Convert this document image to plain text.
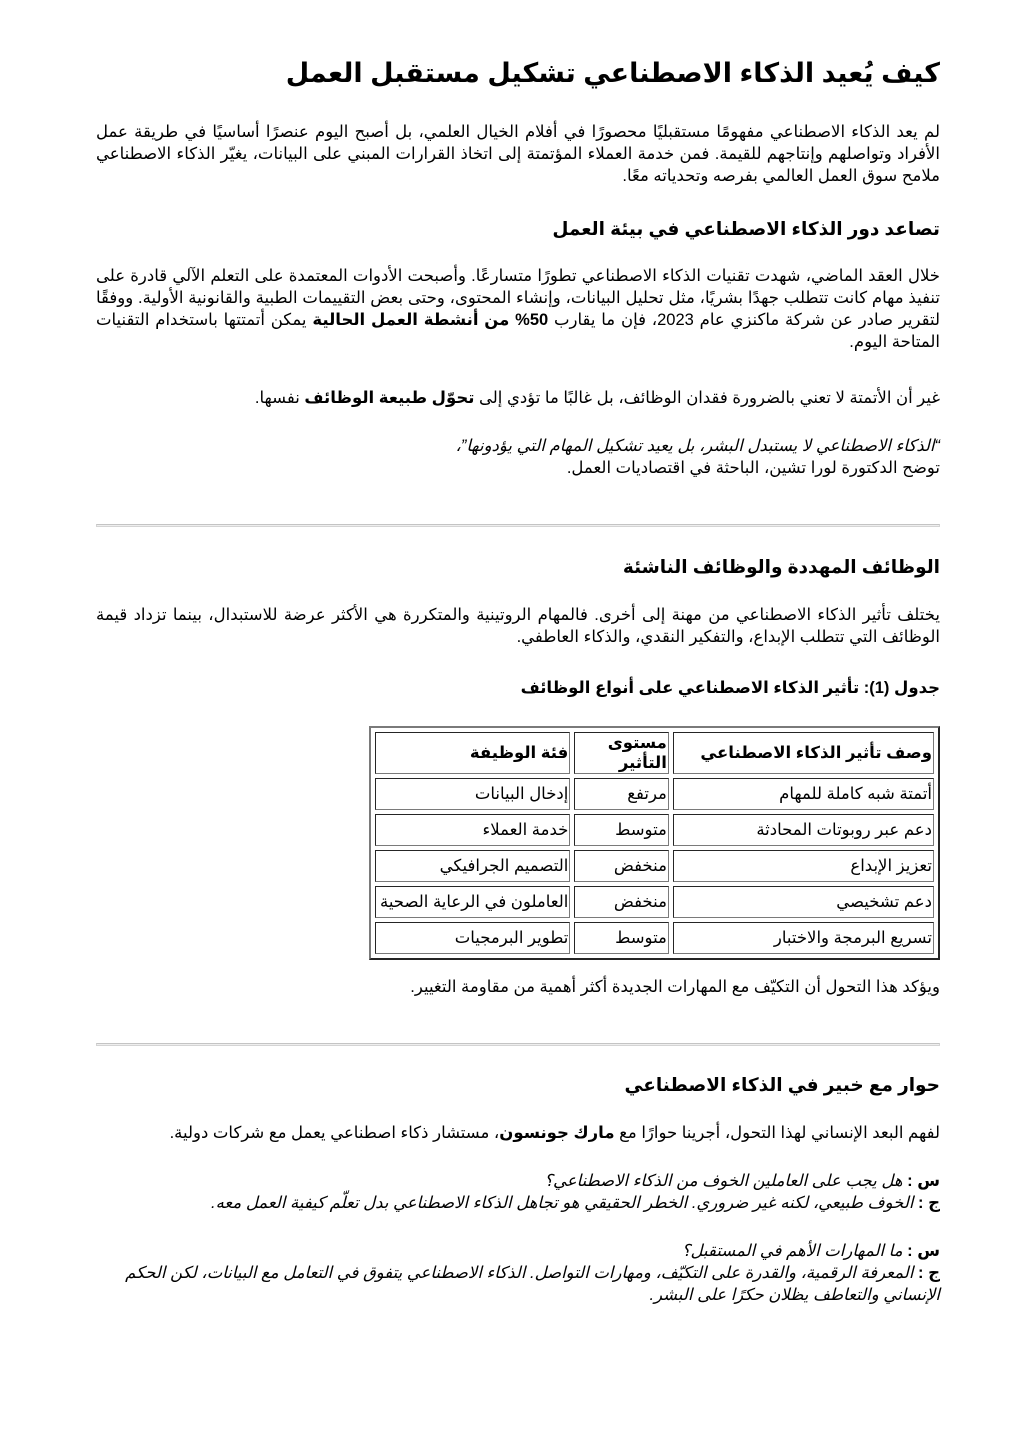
كيف يُعيد الذكاء الاصطناعي تشكيل مستقبل العمل

لم يعد الذكاء الاصطناعي مفهومًا مستقبليًا محصورًا في أفلام الخيال العلمي، بل أصبح اليوم عنصرًا أساسيًا في طريقة عمل الأفراد وتواصلهم وإنتاجهم للقيمة. فمن خدمة العملاء المؤتمتة إلى اتخاذ القرارات المبني على البيانات، يغيّر الذكاء الاصطناعي ملامح سوق العمل العالمي بفرصه وتحدياته معًا.

تصاعد دور الذكاء الاصطناعي في بيئة العمل

خلال العقد الماضي، شهدت تقنيات الذكاء الاصطناعي تطورًا متسارعًا. وأصبحت الأدوات المعتمدة على التعلم الآلي قادرة على تنفيذ مهام كانت تتطلب جهدًا بشريًا، مثل تحليل البيانات، وإنشاء المحتوى، وحتى بعض التقييمات الطبية والقانونية الأولية. ووفقًا لتقرير صادر عن شركة ماكنزي عام 2023، فإن ما يقارب 50% من أنشطة العمل الحالية يمكن أتمتتها باستخدام التقنيات المتاحة اليوم.

غير أن الأتمتة لا تعني بالضرورة فقدان الوظائف، بل غالبًا ما تؤدي إلى تحوّل طبيعة الوظائف نفسها.

“الذكاء الاصطناعي لا يستبدل البشر، بل يعيد تشكيل المهام التي يؤدونها”،

توضح الدكتورة لورا تشين، الباحثة في اقتصاديات العمل.

الوظائف المهددة والوظائف الناشئة

يختلف تأثير الذكاء الاصطناعي من مهنة إلى أخرى. فالمهام الروتينية والمتكررة هي الأكثر عرضة للاستبدال، بينما تزداد قيمة الوظائف التي تتطلب الإبداع، والتفكير النقدي، والذكاء العاطفي.

جدول (1): تأثير الذكاء الاصطناعي على أنواع الوظائف

وصف تأثير الذكاء الاصطناعي	مستوى التأثير	فئة الوظيفة
أتمتة شبه كاملة للمهام	مرتفع	إدخال البيانات
دعم عبر روبوتات المحادثة	متوسط	خدمة العملاء
تعزيز الإبداع	منخفض	التصميم الجرافيكي
دعم تشخيصي	منخفض	العاملون في الرعاية الصحية
تسريع البرمجة والاختبار	متوسط	تطوير البرمجيات

ويؤكد هذا التحول أن التكيّف مع المهارات الجديدة أكثر أهمية من مقاومة التغيير.

حوار مع خبير في الذكاء الاصطناعي

لفهم البعد الإنساني لهذا التحول، أجرينا حوارًا مع مارك جونسون، مستشار ذكاء اصطناعي يعمل مع شركات دولية.

س : هل يجب على العاملين الخوف من الذكاء الاصطناعي؟

ج : الخوف طبيعي، لكنه غير ضروري. الخطر الحقيقي هو تجاهل الذكاء الاصطناعي بدل تعلّم كيفية العمل معه.

س : ما المهارات الأهم في المستقبل؟

ج : المعرفة الرقمية، والقدرة على التكيّف، ومهارات التواصل. الذكاء الاصطناعي يتفوق في التعامل مع البيانات، لكن الحكم الإنساني والتعاطف يظلان حكرًا على البشر.
